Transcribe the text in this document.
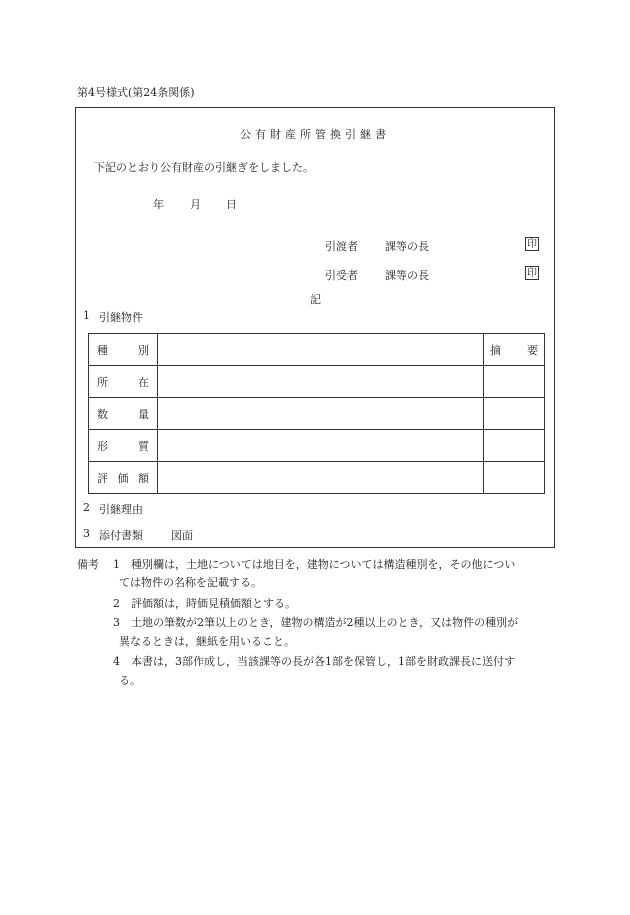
第4号様式(第24条関係)
公有財産所管換引継書
下記のとおり公有財産の引継ぎをしました。
年 月 日
引渡者 課等の長	印
引受者 課等の長	印
記
1 引継物件
種 別		摘 要

所 在		

数 量		

形 質		

評 価 額		

2 引継理由
3 添付書類	図面
備考 1 種別欄は，土地については地目を，建物については構造種別を，その他につい
ては物件の名称を記載する。
2 評価額は，時価見積価額とする。
3 土地の筆数が2筆以上のとき，建物の構造が2種以上のとき，又は物件の種別が
異なるときは，継紙を用いること。
4 本書は，3部作成し，当該課等の長が各1部を保管し，1部を財政課長に送付す
る。
